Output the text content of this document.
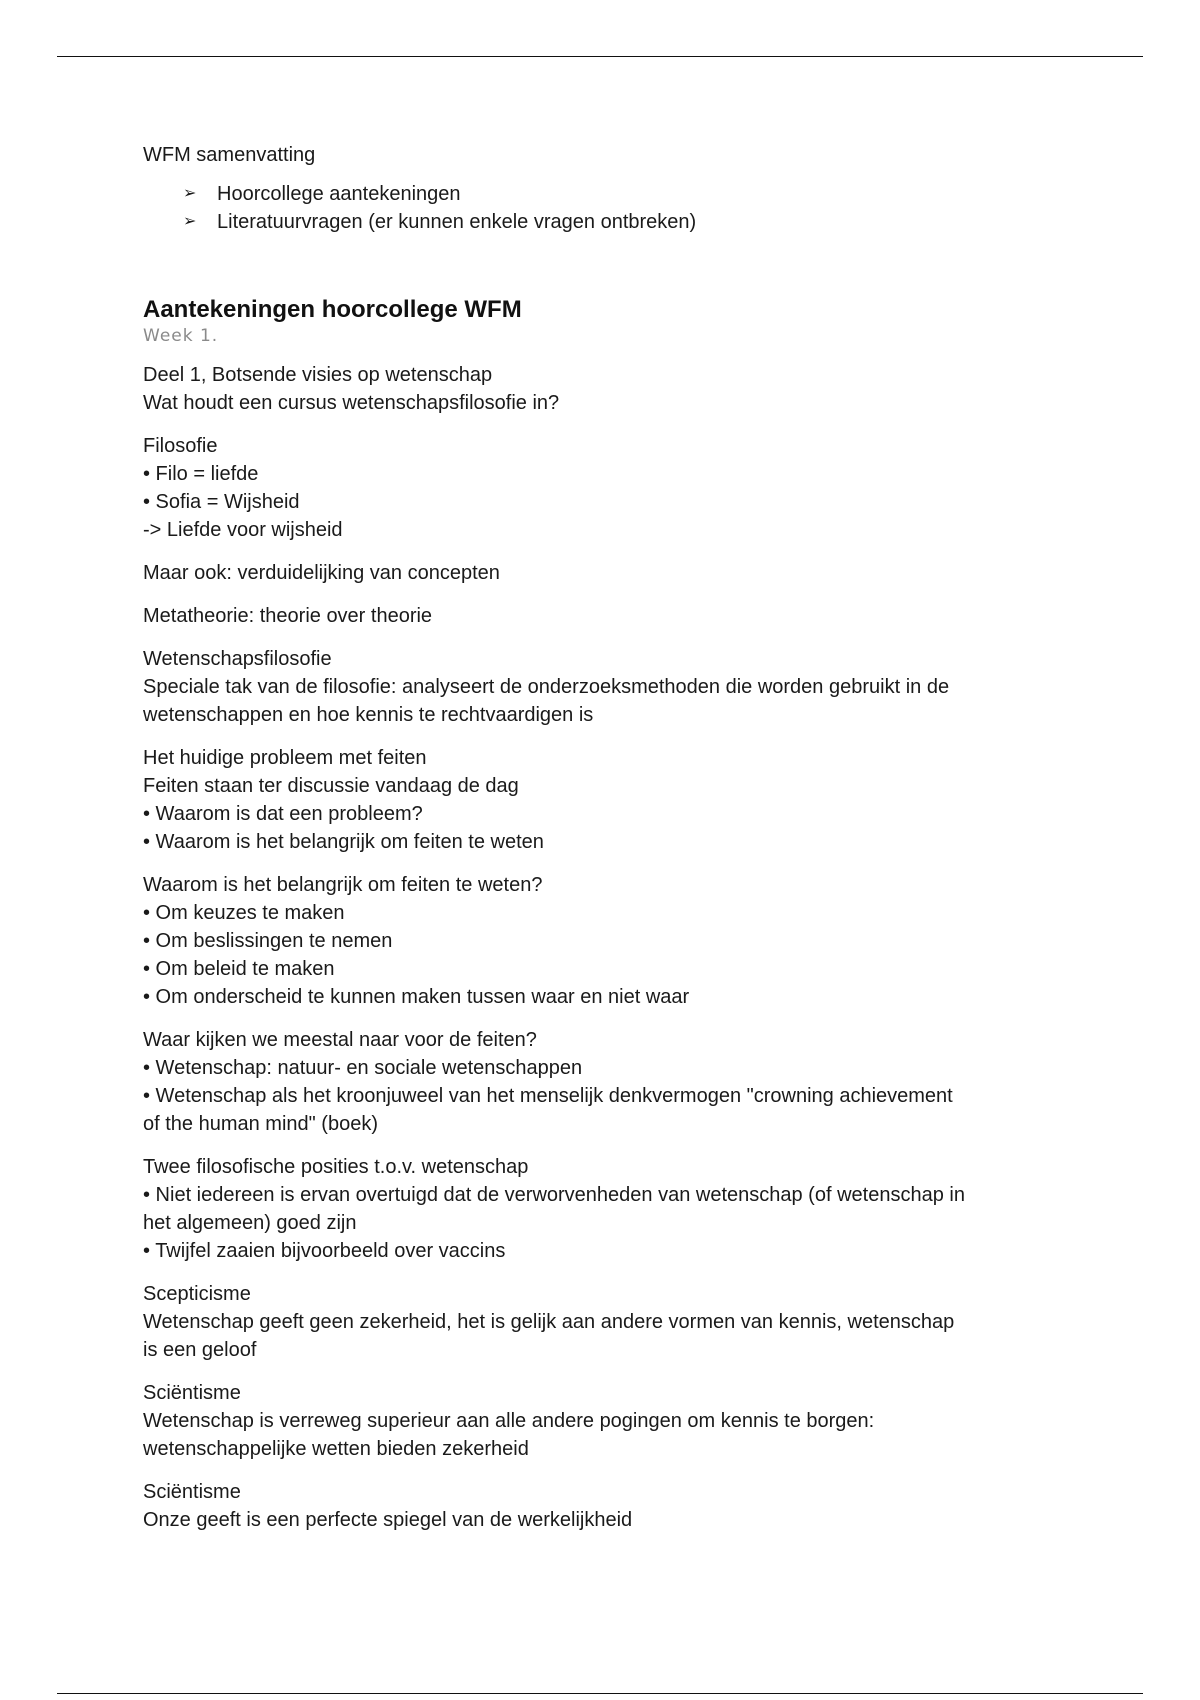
WFM samenvatting

➢ Hoorcollege aantekeningen
➢ Literatuurvragen (er kunnen enkele vragen ontbreken)
Aantekeningen hoorcollege WFM
Week 1.
Deel 1, Botsende visies op wetenschap
Wat houdt een cursus wetenschapsfilosofie in?
Filosofie
• Filo = liefde
• Sofia = Wijsheid
-> Liefde voor wijsheid
Maar ook: verduidelijking van concepten
Metatheorie: theorie over theorie
Wetenschapsfilosofie
Speciale tak van de filosofie: analyseert de onderzoeksmethoden die worden gebruikt in de
wetenschappen en hoe kennis te rechtvaardigen is
Het huidige probleem met feiten
Feiten staan ter discussie vandaag de dag
• Waarom is dat een probleem?
• Waarom is het belangrijk om feiten te weten
Waarom is het belangrijk om feiten te weten?
• Om keuzes te maken
• Om beslissingen te nemen
• Om beleid te maken
• Om onderscheid te kunnen maken tussen waar en niet waar
Waar kijken we meestal naar voor de feiten?
• Wetenschap: natuur- en sociale wetenschappen
• Wetenschap als het kroonjuweel van het menselijk denkvermogen "crowning achievement
of the human mind" (boek)
Twee filosofische posities t.o.v. wetenschap
• Niet iedereen is ervan overtuigd dat de verworvenheden van wetenschap (of wetenschap in
het algemeen) goed zijn
• Twijfel zaaien bijvoorbeeld over vaccins
Scepticisme
Wetenschap geeft geen zekerheid, het is gelijk aan andere vormen van kennis, wetenschap
is een geloof
Sciëntisme
Wetenschap is verreweg superieur aan alle andere pogingen om kennis te borgen:
wetenschappelijke wetten bieden zekerheid
Sciëntisme
Onze geeft is een perfecte spiegel van de werkelijkheid
